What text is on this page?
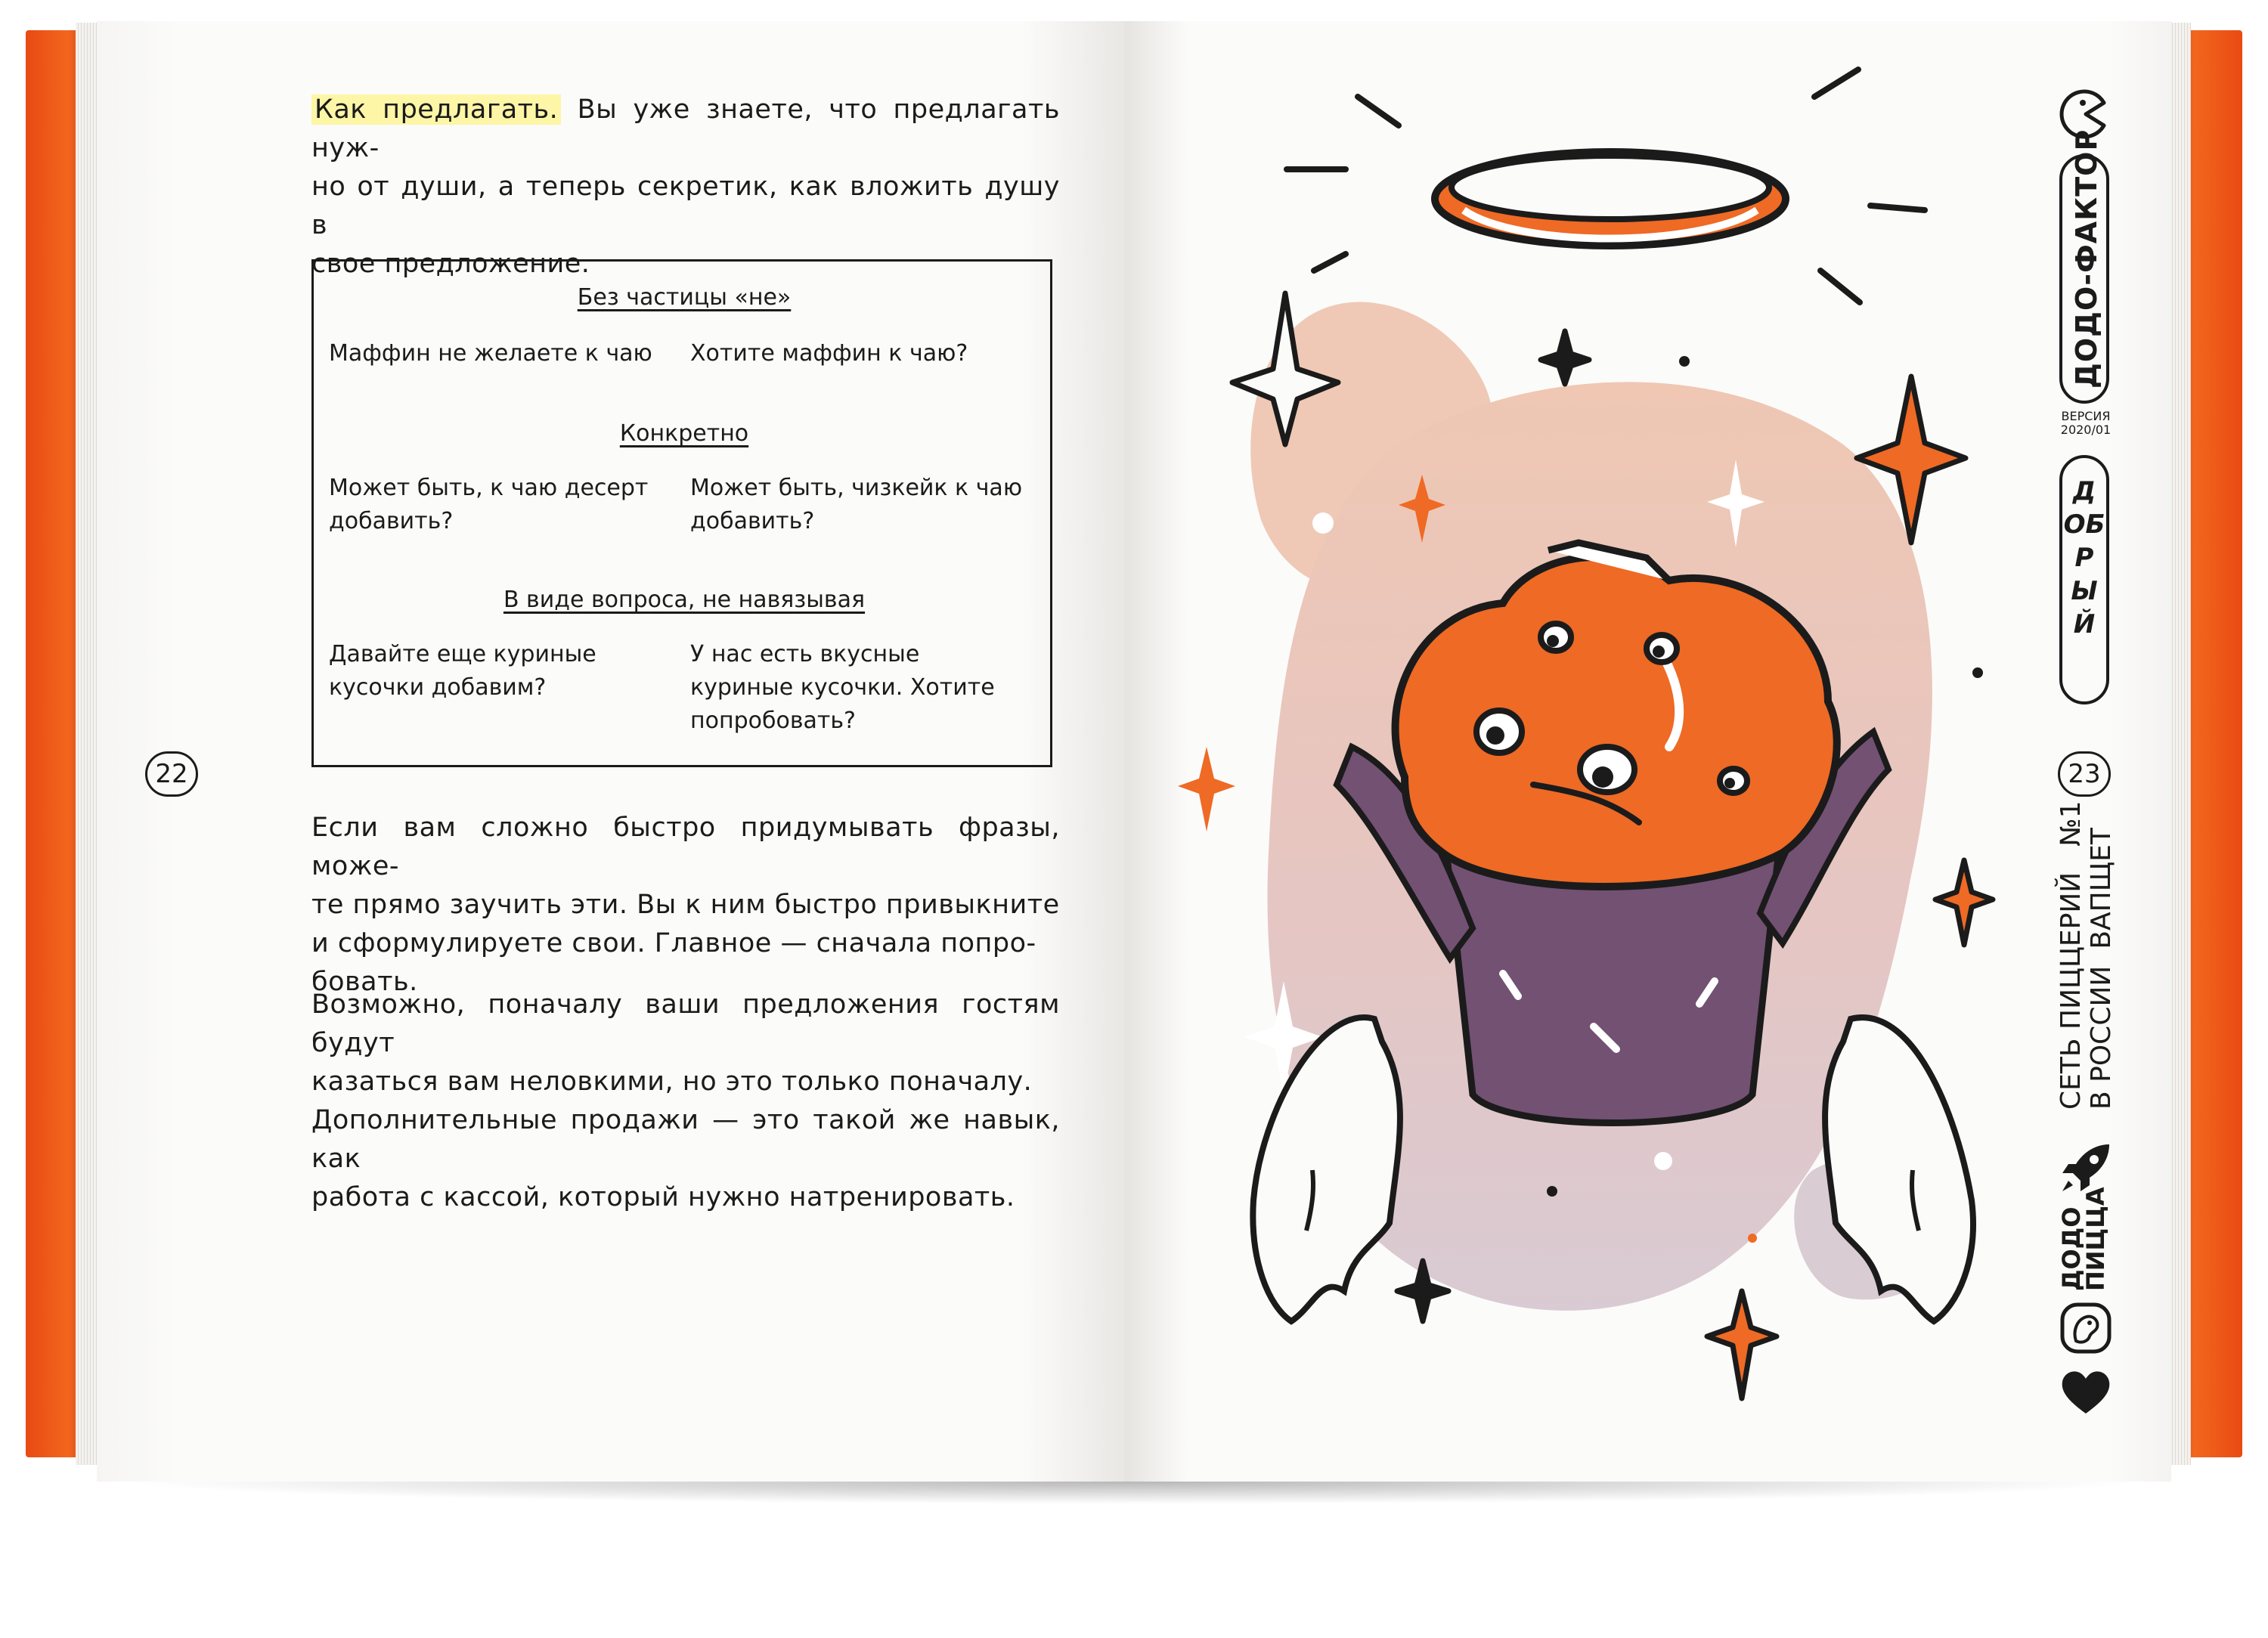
Как предлагать. Вы уже знаете, что предлагать нуж-
но от души, а теперь секретик, как вложить душу в
свое предложение.
Без частицы «не»
Маффин не желаете к чаю	Хотите маффин к чаю?
Конкретно
Может быть, к чаю десерт
добавить?
Может быть, чизкейк к чаю
добавить?
В виде вопроса, не навязывая
Давайте еще куриные
кусочки добавим?
У нас есть вкусные
куриные кусочки. Хотите
попробовать?
22
Если вам сложно быстро придумывать фразы, може-
те прямо заучить эти. Вы к ним быстро привыкните
и сформулируете свои. Главное — сначала попро-
бовать.
Возможно, поначалу ваши предложения гостям будут
казаться вам неловкими, но это только поначалу.
Дополнительные продажи — это такой же навык, как
работа с кассой, который нужно натренировать.
ДОДО-ФАКТОР
ВЕРСИЯ
2020/01
ДОБРЫЙ
23
СЕТЬ ПИЦЦЕРИЙ№1
В РОССИИВАПЩЕТ
ДОДО
ПИЦЦА
